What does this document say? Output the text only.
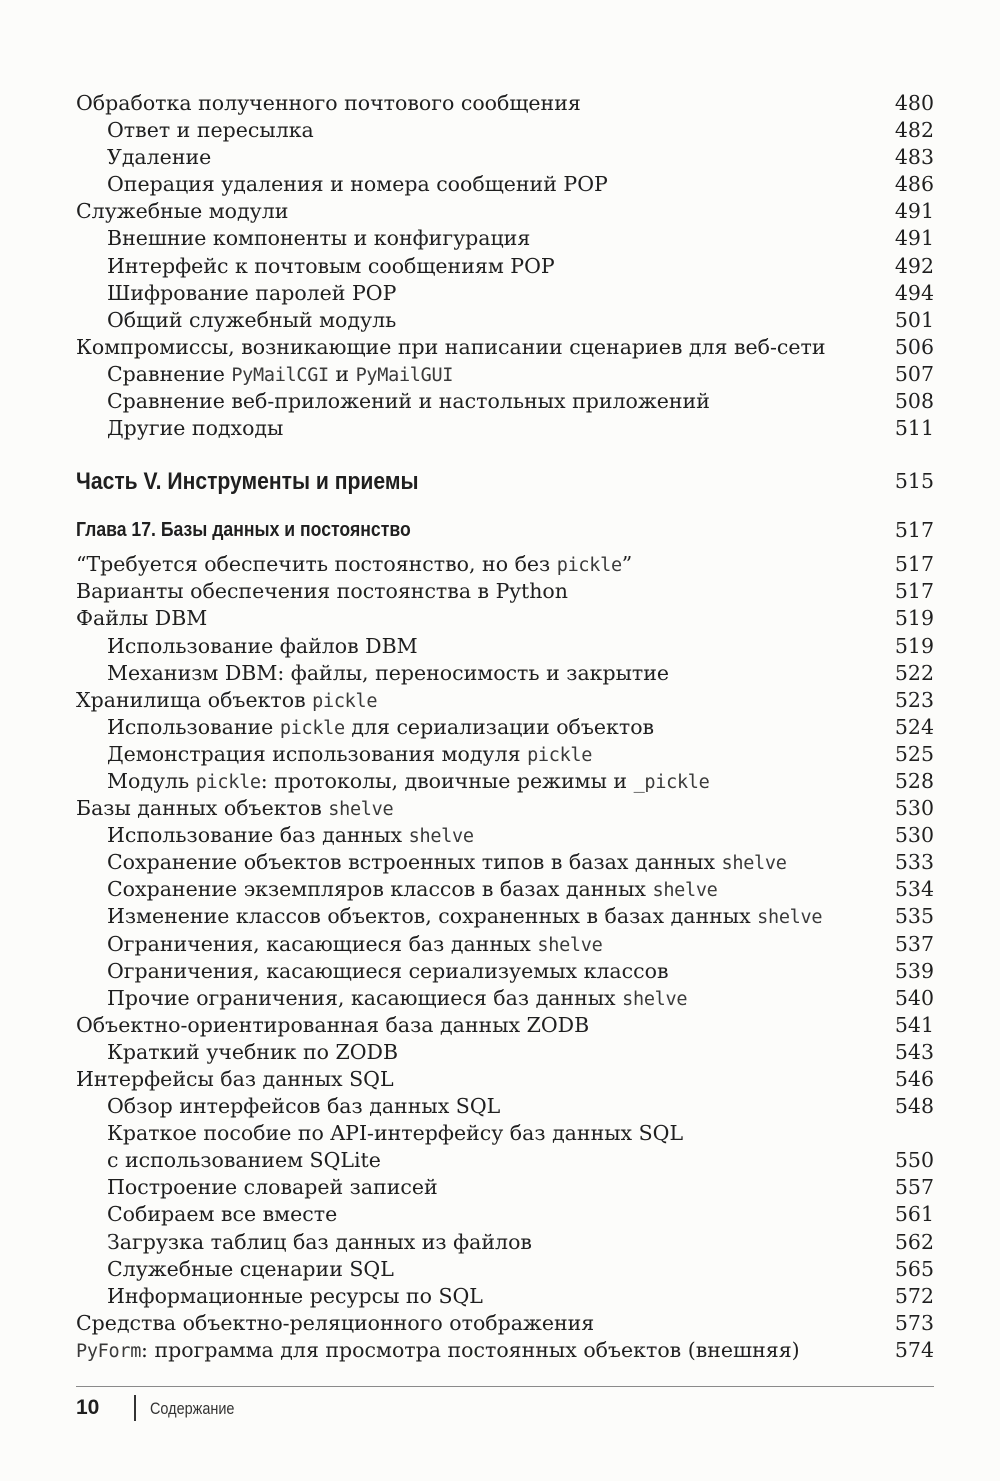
Обработка полученного почтового сообщения	480
Ответ и пересылка	482
Удаление	483
Операция удаления и номера сообщений POP	486
Служебные модули	491
Внешние компоненты и конфигурация	491
Интерфейс к почтовым сообщениям POP	492
Шифрование паролей POP	494
Общий служебный модуль	501
Компромиссы, возникающие при написании сценариев для веб-сети	506
Сравнение PyMailCGI и PyMailGUI	507
Сравнение веб-приложений и настольных приложений	508
Другие подходы	511
Часть V. Инструменты и приемы	515
Глава 17. Базы данных и постоянство	517
“Требуется обеспечить постоянство, но без pickle”	517
Варианты обеспечения постоянства в Python	517
Файлы DBM	519
Использование файлов DBM	519
Механизм DBM: файлы, переносимость и закрытие	522
Хранилища объектов pickle	523
Использование pickle для сериализации объектов	524
Демонстрация использования модуля pickle	525
Модуль pickle: протоколы, двоичные режимы и _pickle	528
Базы данных объектов shelve	530
Использование баз данных shelve	530
Сохранение объектов встроенных типов в базах данных shelve	533
Сохранение экземпляров классов в базах данных shelve	534
Изменение классов объектов, сохраненных в базах данных shelve	535
Ограничения, касающиеся баз данных shelve	537
Ограничения, касающиеся сериализуемых классов	539
Прочие ограничения, касающиеся баз данных shelve	540
Объектно-ориентированная база данных ZODB	541
Краткий учебник по ZODB	543
Интерфейсы баз данных SQL	546
Обзор интерфейсов баз данных SQL	548
Краткое пособие по API-интерфейсу баз данных SQL
с использованием SQLite	550
Построение словарей записей	557
Собираем все вместе	561
Загрузка таблиц баз данных из файлов	562
Служебные сценарии SQL	565
Информационные ресурсы по SQL	572
Средства объектно-реляционного отображения	573
PyForm: программа для просмотра постоянных объектов (внешняя)	574
10	Содержание
